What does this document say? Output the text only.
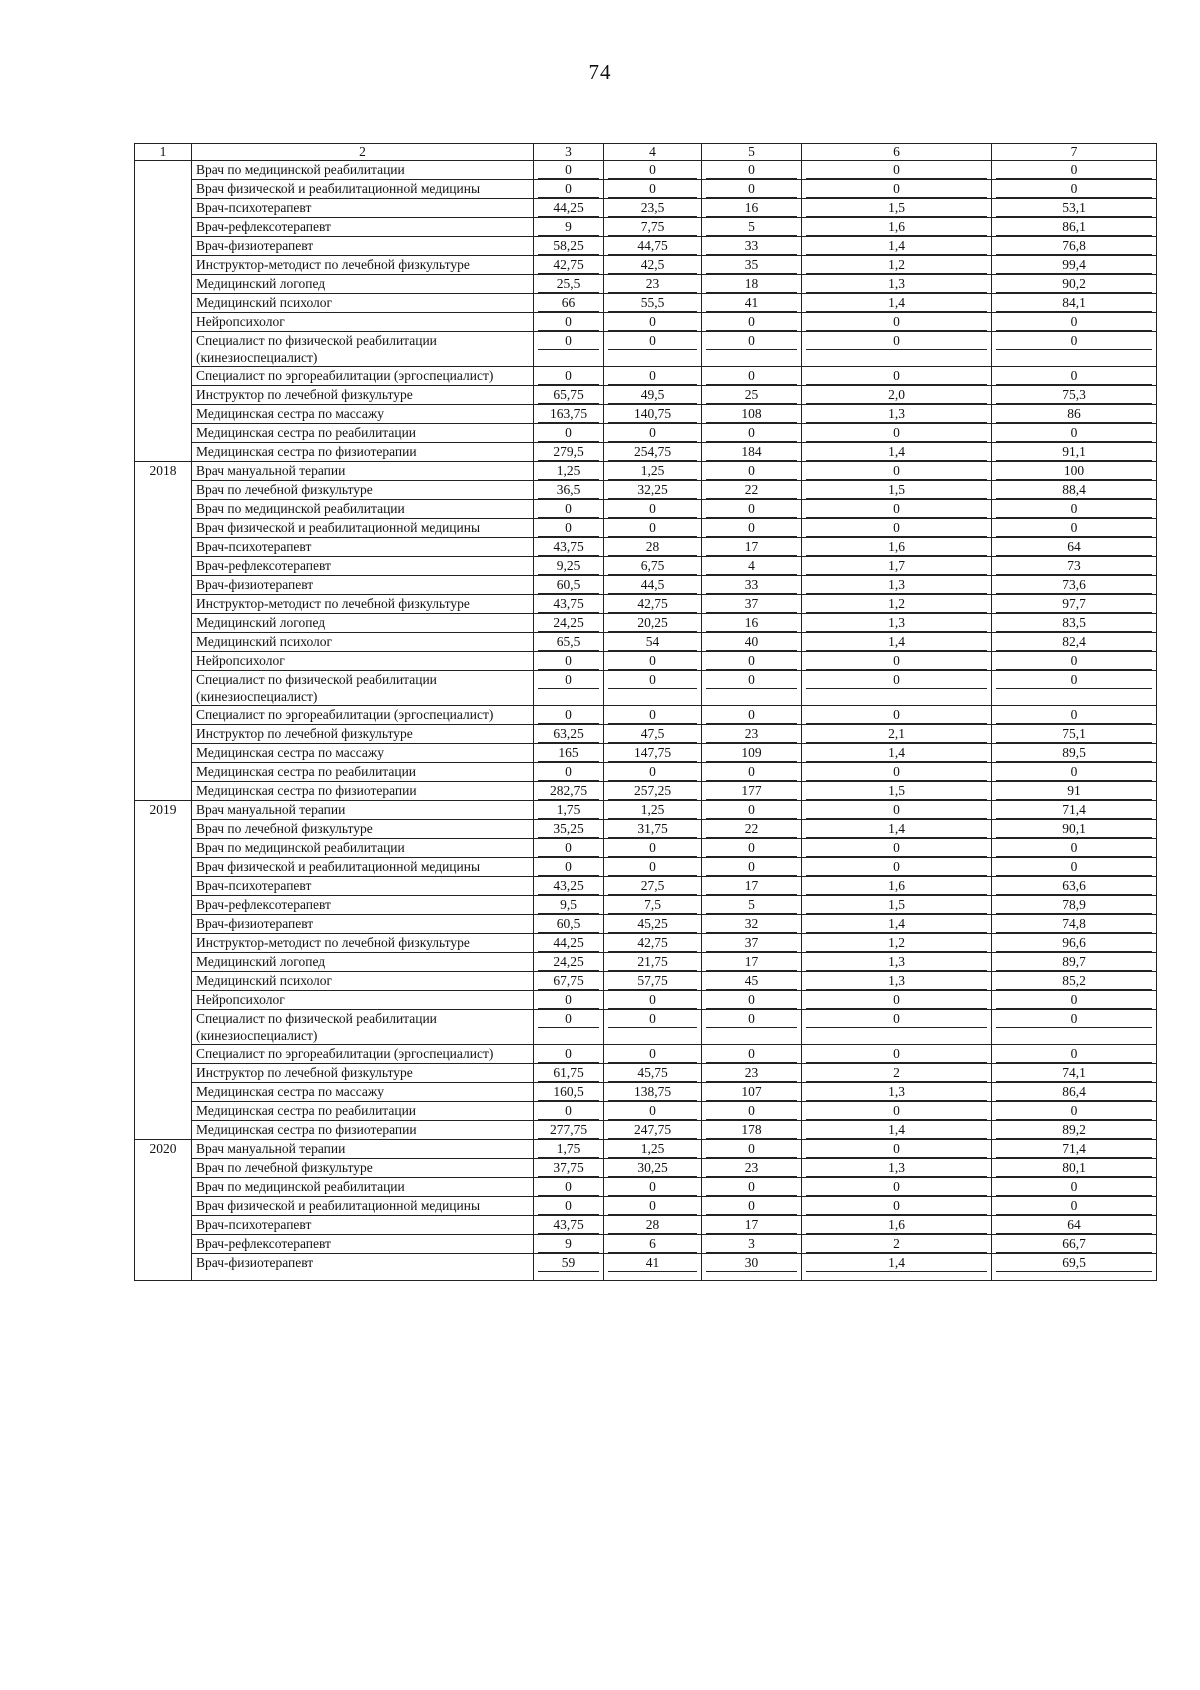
74
1	2	3	4	5	6	7
	Врач по медицинской реабилитации	0	0	0	0	0

	Врач физической и реабилитационной медицины	0	0	0	0	0

	Врач-психотерапевт	44,25	23,5	16	1,5	53,1

	Врач-рефлексотерапевт	9	7,75	5	1,6	86,1

	Врач-физиотерапевт	58,25	44,75	33	1,4	76,8

	Инструктор-методист по лечебной физкультуре	42,75	42,5	35	1,2	99,4

	Медицинский логопед	25,5	23	18	1,3	90,2

	Медицинский психолог	66	55,5	41	1,4	84,1

	Нейропсихолог	0	0	0	0	0

	Специалист по физической реабилитации (кинезиоспециалист)	0	0	0	0	0

	Специалист по эргореабилитации (эргоспециалист)	0	0	0	0	0

	Инструктор по лечебной физкультуре	65,75	49,5	25	2,0	75,3

	Медицинская сестра по массажу	163,75	140,75	108	1,3	86

	Медицинская сестра по реабилитации	0	0	0	0	0

	Медицинская сестра по физиотерапии	279,5	254,75	184	1,4	91,1

2018	Врач мануальной терапии	1,25	1,25	0	0	100

	Врач по лечебной физкультуре	36,5	32,25	22	1,5	88,4

	Врач по медицинской реабилитации	0	0	0	0	0

	Врач физической и реабилитационной медицины	0	0	0	0	0

	Врач-психотерапевт	43,75	28	17	1,6	64

	Врач-рефлексотерапевт	9,25	6,75	4	1,7	73

	Врач-физиотерапевт	60,5	44,5	33	1,3	73,6

	Инструктор-методист по лечебной физкультуре	43,75	42,75	37	1,2	97,7

	Медицинский логопед	24,25	20,25	16	1,3	83,5

	Медицинский психолог	65,5	54	40	1,4	82,4

	Нейропсихолог	0	0	0	0	0

	Специалист по физической реабилитации (кинезиоспециалист)	0	0	0	0	0

	Специалист по эргореабилитации (эргоспециалист)	0	0	0	0	0

	Инструктор по лечебной физкультуре	63,25	47,5	23	2,1	75,1

	Медицинская сестра по массажу	165	147,75	109	1,4	89,5

	Медицинская сестра по реабилитации	0	0	0	0	0

	Медицинская сестра по физиотерапии	282,75	257,25	177	1,5	91

2019	Врач мануальной терапии	1,75	1,25	0	0	71,4

	Врач по лечебной физкультуре	35,25	31,75	22	1,4	90,1

	Врач по медицинской реабилитации	0	0	0	0	0

	Врач физической и реабилитационной медицины	0	0	0	0	0

	Врач-психотерапевт	43,25	27,5	17	1,6	63,6

	Врач-рефлексотерапевт	9,5	7,5	5	1,5	78,9

	Врач-физиотерапевт	60,5	45,25	32	1,4	74,8

	Инструктор-методист по лечебной физкультуре	44,25	42,75	37	1,2	96,6

	Медицинский логопед	24,25	21,75	17	1,3	89,7

	Медицинский психолог	67,75	57,75	45	1,3	85,2

	Нейропсихолог	0	0	0	0	0

	Специалист по физической реабилитации (кинезиоспециалист)	0	0	0	0	0

	Специалист по эргореабилитации (эргоспециалист)	0	0	0	0	0

	Инструктор по лечебной физкультуре	61,75	45,75	23	2	74,1

	Медицинская сестра по массажу	160,5	138,75	107	1,3	86,4

	Медицинская сестра по реабилитации	0	0	0	0	0

	Медицинская сестра по физиотерапии	277,75	247,75	178	1,4	89,2

2020	Врач мануальной терапии	1,75	1,25	0	0	71,4

	Врач по лечебной физкультуре	37,75	30,25	23	1,3	80,1

	Врач по медицинской реабилитации	0	0	0	0	0

	Врач физической и реабилитационной медицины	0	0	0	0	0

	Врач-психотерапевт	43,75	28	17	1,6	64

	Врач-рефлексотерапевт	9	6	3	2	66,7

	Врач-физиотерапевт	59	41	30	1,4	69,5
